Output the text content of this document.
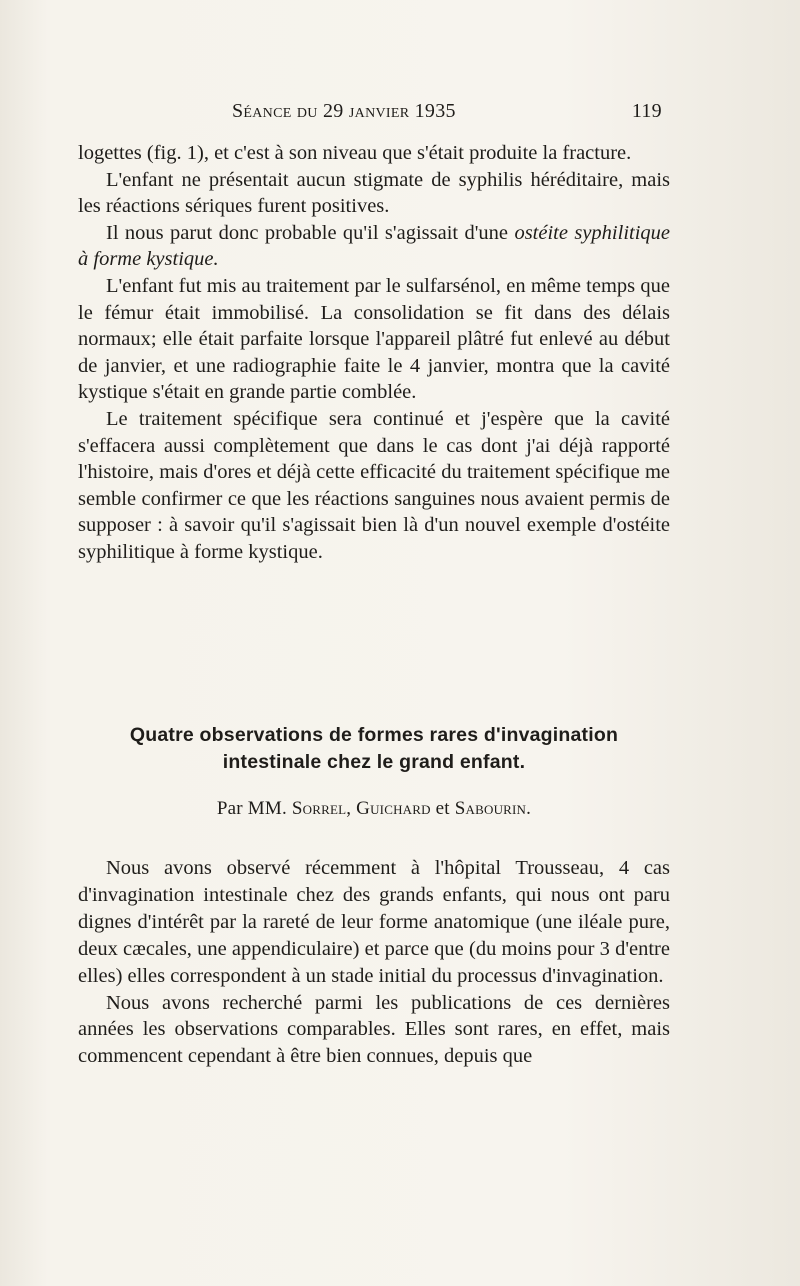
Séance du 29 janvier 1935	119

logettes (fig. 1), et c'est à son niveau que s'était produite la fracture.

L'enfant ne présentait aucun stigmate de syphilis héréditaire, mais les réactions sériques furent positives.

Il nous parut donc probable qu'il s'agissait d'une ostéite syphilitique à forme kystique.

L'enfant fut mis au traitement par le sulfarsénol, en même temps que le fémur était immobilisé. La consolidation se fit dans des délais normaux; elle était parfaite lorsque l'appareil plâtré fut enlevé au début de janvier, et une radiographie faite le 4 janvier, montra que la cavité kystique s'était en grande partie comblée.

Le traitement spécifique sera continué et j'espère que la cavité s'effacera aussi complètement que dans le cas dont j'ai déjà rapporté l'histoire, mais d'ores et déjà cette efficacité du traitement spécifique me semble confirmer ce que les réactions sanguines nous avaient permis de supposer : à savoir qu'il s'agissait bien là d'un nouvel exemple d'ostéite syphilitique à forme kystique.

Quatre observations de formes rares d'invagination
intestinale chez le grand enfant.
Par MM. Sorrel, Guichard et Sabourin.

Nous avons observé récemment à l'hôpital Trousseau, 4 cas d'invagination intestinale chez des grands enfants, qui nous ont paru dignes d'intérêt par la rareté de leur forme anatomique (une iléale pure, deux cæcales, une appendiculaire) et parce que (du moins pour 3 d'entre elles) elles correspondent à un stade initial du processus d'invagination.

Nous avons recherché parmi les publications de ces dernières années les observations comparables. Elles sont rares, en effet, mais commencent cependant à être bien connues, depuis que
